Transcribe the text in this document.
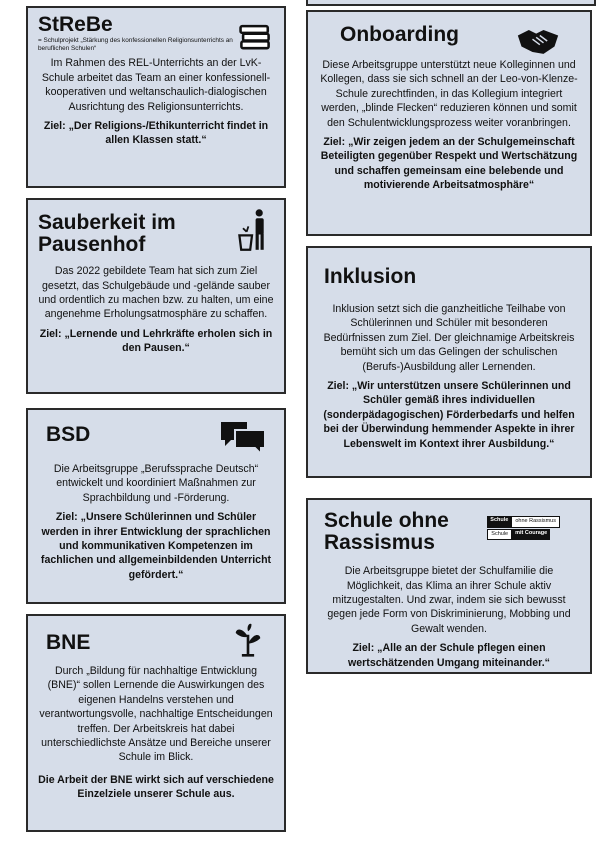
StReBe
= Schulprojekt „Stärkung des konfessionellen Religionsunterrichts an beruflichen Schulen“

Im Rahmen des REL-Unterrichts an der LvK-Schule arbeitet das Team an einer konfessionell-kooperativen und weltanschaulich-dialogischen Ausrichtung des Religionsunterrichts.

Ziel: „Der Religions-/Ethikunterricht findet in allen Klassen statt.“

Onboarding

Diese Arbeitsgruppe unterstützt neue Kolleginnen und Kollegen, dass sie sich schnell an der Leo-von-Klenze-Schule zurechtfinden, in das Kollegium integriert werden, „blinde Flecken“ reduzieren können und somit den Schulentwicklungsprozess weiter voranbringen.

Ziel: „Wir zeigen jedem an der Schulgemeinschaft Beteiligten gegenüber Respekt und Wertschätzung und schaffen gemeinsam eine belebende und motivierende Arbeitsatmosphäre“

Sauberkeit im Pausenhof

Das 2022 gebildete Team hat sich zum Ziel gesetzt, das Schulgebäude und -gelände sauber und ordentlich zu machen bzw. zu halten, um eine angenehme Erholungsatmosphäre zu schaffen.

Ziel: „Lernende und Lehrkräfte erholen sich in den Pausen.“

Inklusion

Inklusion setzt sich die ganzheitliche Teilhabe von Schülerinnen und Schüler mit besonderen Bedürfnissen zum Ziel. Der gleichnamige Arbeitskreis bemüht sich um das Gelingen der schulischen (Berufs-)Ausbildung aller Lernenden.

Ziel: „Wir unterstützen unsere Schülerinnen und Schüler gemäß ihres individuellen (sonderpädagogischen) Förderbedarfs und helfen bei der Überwindung hemmender Aspekte in ihrer Lebenswelt im Kontext ihrer Ausbildung.“

BSD

Die Arbeitsgruppe „Berufssprache Deutsch“ entwickelt und koordiniert Maßnahmen zur Sprachbildung und -Förderung.

Ziel: „Unsere Schülerinnen und Schüler werden in ihrer Entwicklung der sprachlichen und kommunikativen Kompetenzen im fachlichen und allgemeinbildenden Unterricht gefördert.“

Schule ohne Rassismus
Schule	ohne Rassismus
Schule	mit Courage

Die Arbeitsgruppe bietet der Schulfamilie die Möglichkeit, das Klima an ihrer Schule aktiv mitzugestalten. Und zwar, indem sie sich bewusst gegen jede Form von Diskriminierung, Mobbing und Gewalt wenden.

Ziel: „Alle an der Schule pflegen einen wertschätzenden Umgang miteinander.“

BNE

Durch „Bildung für nachhaltige Entwicklung (BNE)“ sollen Lernende die Auswirkungen des eigenen Handelns verstehen und verantwortungsvolle, nachhaltige Entscheidungen treffen. Der Arbeitskreis hat dabei unterschiedlichste Ansätze und Bereiche unserer Schule im Blick.

Die Arbeit der BNE wirkt sich auf verschiedene Einzelziele unserer Schule aus.
